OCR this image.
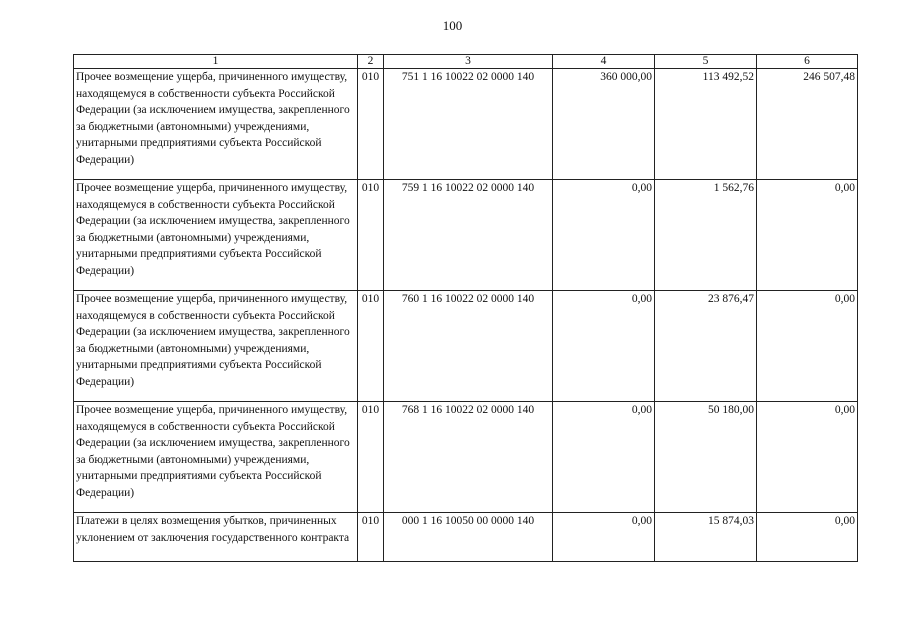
100
1	2	3	4	5	6
Прочее возмещение ущерба, причиненного имуществу, находящемуся в собственности субъекта Российской Федерации (за исключением имущества, закрепленного за бюджетными (автономными) учреждениями, унитарными предприятиями субъекта Российской Федерации)	010	751 1 16 10022 02 0000 140	360 000,00	113 492,52	246 507,48
Прочее возмещение ущерба, причиненного имуществу, находящемуся в собственности субъекта Российской Федерации (за исключением имущества, закрепленного за бюджетными (автономными) учреждениями, унитарными предприятиями субъекта Российской Федерации)	010	759 1 16 10022 02 0000 140	0,00	1 562,76	0,00
Прочее возмещение ущерба, причиненного имуществу, находящемуся в собственности субъекта Российской Федерации (за исключением имущества, закрепленного за бюджетными (автономными) учреждениями, унитарными предприятиями субъекта Российской Федерации)	010	760 1 16 10022 02 0000 140	0,00	23 876,47	0,00
Прочее возмещение ущерба, причиненного имуществу, находящемуся в собственности субъекта Российской Федерации (за исключением имущества, закрепленного за бюджетными (автономными) учреждениями, унитарными предприятиями субъекта Российской Федерации)	010	768 1 16 10022 02 0000 140	0,00	50 180,00	0,00
Платежи в целях возмещения убытков, причиненных уклонением от заключения государственного контракта	010	000 1 16 10050 00 0000 140	0,00	15 874,03	0,00
